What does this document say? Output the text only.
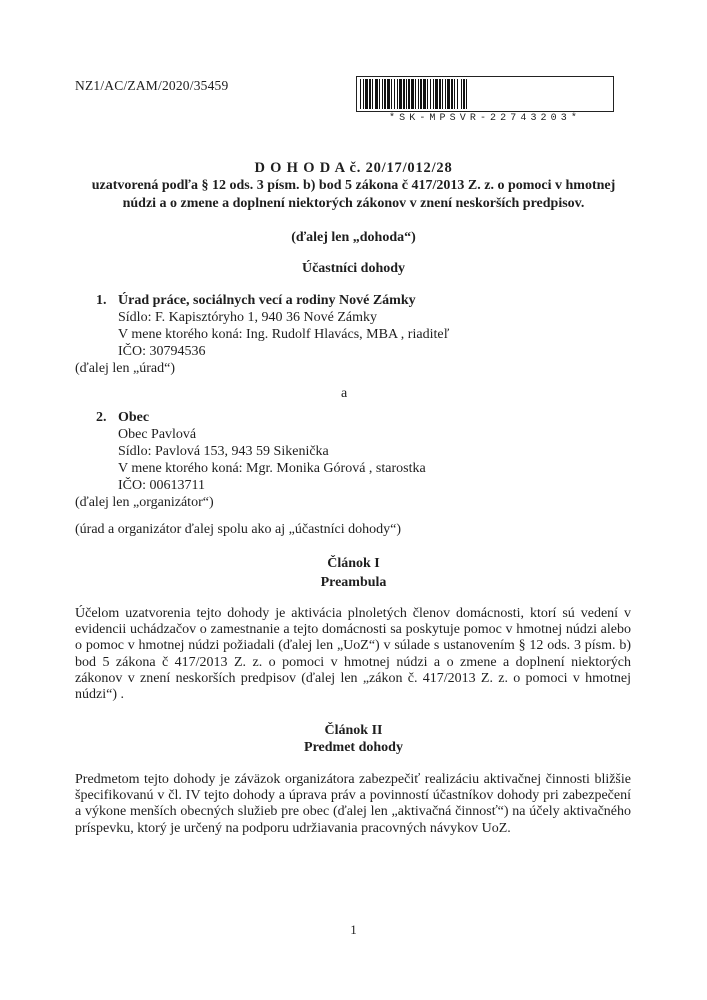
NZ1/AC/ZAM/2020/35459
*SK-MPSVR-22743203*
D O H O D A č. 20/17/012/28
uzatvorená podľa § 12 ods. 3 písm. b) bod 5 zákona č 417/2013 Z. z. o pomoci v hmotnej
núdzi a o zmene a doplnení niektorých zákonov v znení neskorších predpisov.
(ďalej len „dohoda“)
Účastníci dohody
1. Úrad práce, sociálnych vecí a rodiny Nové Zámky
Sídlo: F. Kapisztóryho 1, 940 36 Nové Zámky
V mene ktorého koná: Ing. Rudolf Hlavács, MBA , riaditeľ
IČO: 30794536
(ďalej len „úrad“)
a
2. Obec
Obec Pavlová
Sídlo: Pavlová 153, 943 59 Sikenička
V mene ktorého koná: Mgr. Monika Górová , starostka
IČO: 00613711
(ďalej len „organizátor“)
(úrad a organizátor ďalej spolu ako aj „účastníci dohody“)
Článok I
Preambula
Účelom uzatvorenia tejto dohody je aktivácia plnoletých členov domácnosti, ktorí sú vedení v evidencii uchádzačov o zamestnanie a tejto domácnosti sa poskytuje pomoc v hmotnej núdzi alebo o pomoc v hmotnej núdzi požiadali (ďalej len „UoZ“) v súlade s ustanovením § 12 ods. 3 písm. b) bod 5 zákona č 417/2013 Z. z. o pomoci v hmotnej núdzi a o zmene a doplnení niektorých zákonov v znení neskorších predpisov (ďalej len „zákon č. 417/2013 Z. z. o pomoci v hmotnej núdzi“) .
Článok II
Predmet dohody
Predmetom tejto dohody je záväzok organizátora zabezpečiť realizáciu aktivačnej činnosti bližšie špecifikovanú v čl. IV tejto dohody a úprava práv a povinností účastníkov dohody pri zabezpečení a výkone menších obecných služieb pre obec (ďalej len „aktivačná činnosť“) na účely aktivačného príspevku, ktorý je určený na podporu udržiavania pracovných návykov UoZ.
1
